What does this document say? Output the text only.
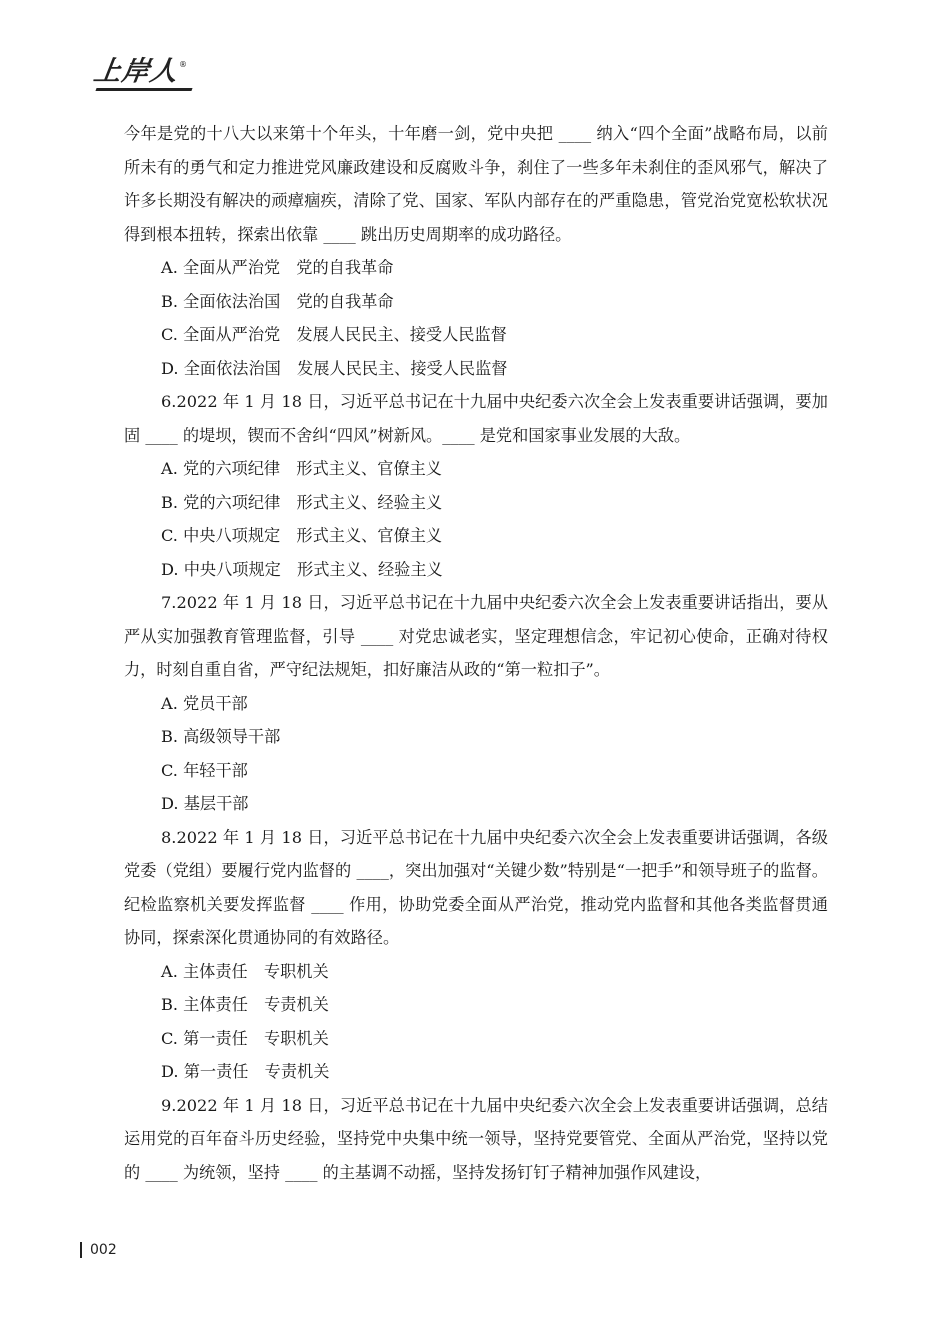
上岸人
®

今年是党的十八大以来第十个年头，十年磨一剑，党中央把 ____ 纳入“四个全面”战略布局，以前所未有的勇气和定力推进党风廉政建设和反腐败斗争，刹住了一些多年未刹住的歪风邪气，解决了许多长期没有解决的顽瘴痼疾，清除了党、国家、军队内部存在的严重隐患，管党治党宽松软状况得到根本扭转，探索出依靠 ____ 跳出历史周期率的成功路径。

A. 全面从严治党　党的自我革命

B. 全面依法治国　党的自我革命

C. 全面从严治党　发展人民民主、接受人民监督

D. 全面依法治国　发展人民民主、接受人民监督

6.2022 年 1 月 18 日，习近平总书记在十九届中央纪委六次全会上发表重要讲话强调，要加固 ____ 的堤坝，锲而不舍纠“四风”树新风。____ 是党和国家事业发展的大敌。

A. 党的六项纪律　形式主义、官僚主义

B. 党的六项纪律　形式主义、经验主义

C. 中央八项规定　形式主义、官僚主义

D. 中央八项规定　形式主义、经验主义

7.2022 年 1 月 18 日，习近平总书记在十九届中央纪委六次全会上发表重要讲话指出，要从严从实加强教育管理监督，引导 ____ 对党忠诚老实，坚定理想信念，牢记初心使命，正确对待权力，时刻自重自省，严守纪法规矩，扣好廉洁从政的“第一粒扣子”。

A. 党员干部

B. 高级领导干部

C. 年轻干部

D. 基层干部

8.2022 年 1 月 18 日，习近平总书记在十九届中央纪委六次全会上发表重要讲话强调，各级党委（党组）要履行党内监督的 ____，突出加强对“关键少数”特别是“一把手”和领导班子的监督。纪检监察机关要发挥监督 ____ 作用，协助党委全面从严治党，推动党内监督和其他各类监督贯通协同，探索深化贯通协同的有效路径。

A. 主体责任　专职机关

B. 主体责任　专责机关

C. 第一责任　专职机关

D. 第一责任　专责机关

9.2022 年 1 月 18 日，习近平总书记在十九届中央纪委六次全会上发表重要讲话强调，总结运用党的百年奋斗历史经验，坚持党中央集中统一领导，坚持党要管党、全面从严治党，坚持以党的 ____ 为统领，坚持 ____ 的主基调不动摇，坚持发扬钉钉子精神加强作风建设，

002
